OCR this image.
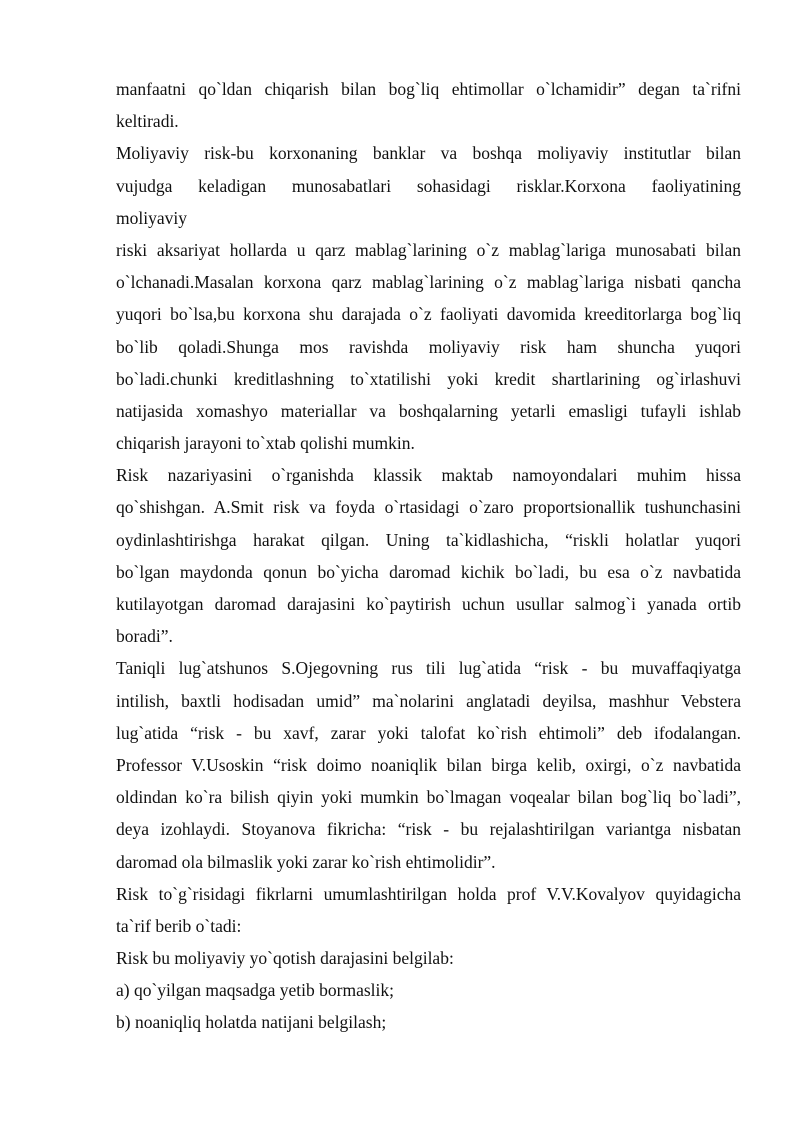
manfaatni qo`ldan chiqarish bilan bog`liq ehtimollar o`lchamidir” degan ta`rifni
keltiradi.
Moliyaviy risk-bu korxonaning banklar va boshqa moliyaviy institutlar bilan
vujudga keladigan munosabatlari sohasidagi risklar.Korxona faoliyatining
moliyaviy
riski aksariyat hollarda u qarz mablag`larining o`z mablag`lariga munosabati bilan
o`lchanadi.Masalan korxona qarz mablag`larining o`z mablag`lariga nisbati qancha
yuqori bo`lsa,bu korxona shu darajada o`z faoliyati davomida kreeditorlarga bog`liq
bo`lib qoladi.Shunga mos ravishda moliyaviy risk ham shuncha yuqori
bo`ladi.chunki kreditlashning to`xtatilishi yoki kredit shartlarining og`irlashuvi
natijasida xomashyo materiallar va boshqalarning yetarli emasligi tufayli ishlab
chiqarish jarayoni to`xtab qolishi mumkin.
Risk nazariyasini o`rganishda klassik maktab namoyondalari muhim hissa
qo`shishgan. A.Smit risk va foyda o`rtasidagi o`zaro proportsionallik tushunchasini
oydinlashtirishga harakat qilgan. Uning ta`kidlashicha, “riskli holatlar yuqori
bo`lgan maydonda qonun bo`yicha daromad kichik bo`ladi, bu esa o`z navbatida
kutilayotgan daromad darajasini ko`paytirish uchun usullar salmog`i yanada ortib
boradi”.
Taniqli lug`atshunos S.Ojegovning rus tili lug`atida “risk - bu muvaffaqiyatga
intilish, baxtli hodisadan umid” ma`nolarini anglatadi deyilsa, mashhur Vebstera
lug`atida “risk - bu xavf, zarar yoki talofat ko`rish ehtimoli” deb ifodalangan.
Professor V.Usoskin “risk doimo noaniqlik bilan birga kelib, oxirgi, o`z navbatida
oldindan ko`ra bilish qiyin yoki mumkin bo`lmagan voqealar bilan bog`liq bo`ladi”,
deya izohlaydi. Stoyanova fikricha: “risk - bu rejalashtirilgan variantga nisbatan
daromad ola bilmaslik yoki zarar ko`rish ehtimolidir”.
Risk to`g`risidagi fikrlarni umumlashtirilgan holda prof V.V.Kovalyov quyidagicha
ta`rif berib o`tadi:
Risk bu moliyaviy yo`qotish darajasini belgilab:
a) qo`yilgan maqsadga yetib bormaslik;
b) noaniqliq holatda natijani belgilash;
